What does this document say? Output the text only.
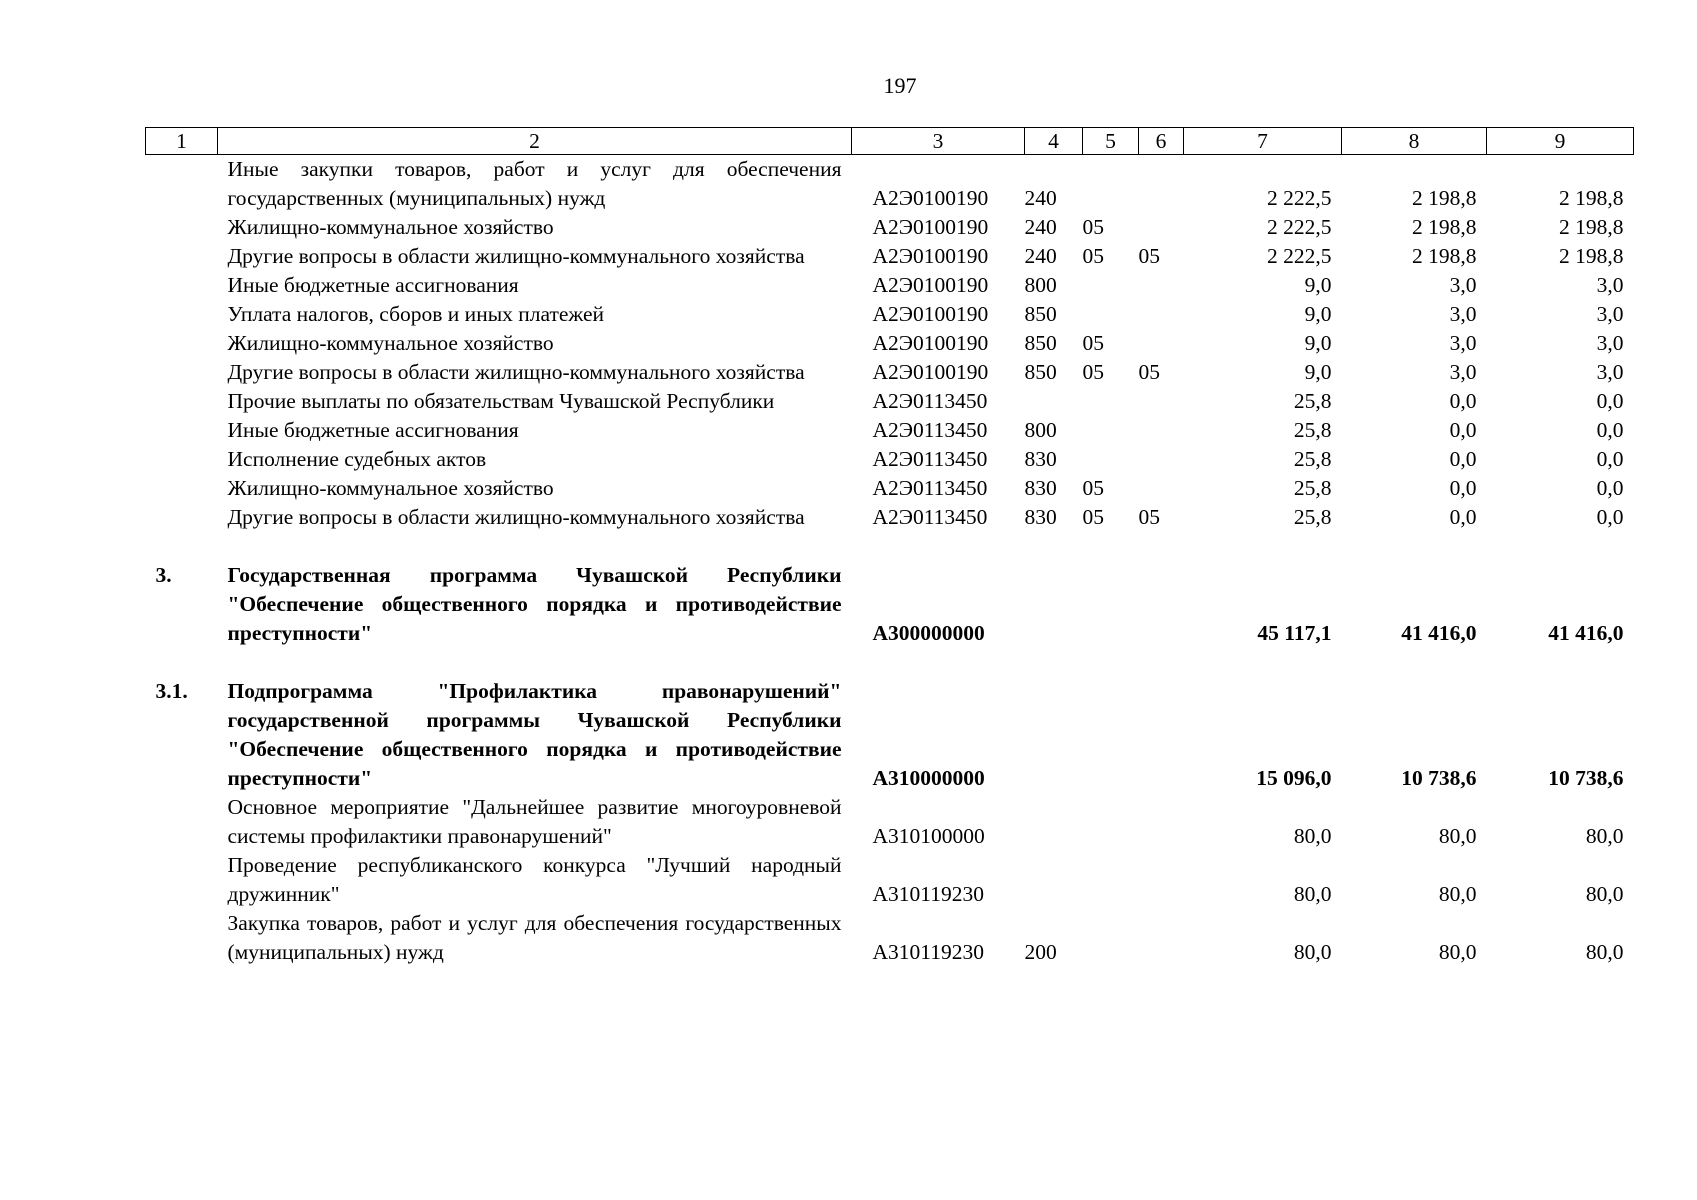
197
1	2	3	4	5	6	7	8	9
	Иные закупки товаров, работ и услуг для обеспечения государственных (муниципальных) нужд	А2Э0100190	240			2 222,5	2 198,8	2 198,8
	Жилищно-коммунальное хозяйство	А2Э0100190	240	05		2 222,5	2 198,8	2 198,8
	Другие вопросы в области жилищно-коммунального хозяйства	А2Э0100190	240	05	05	2 222,5	2 198,8	2 198,8
	Иные бюджетные ассигнования	А2Э0100190	800			9,0	3,0	3,0
	Уплата налогов, сборов и иных платежей	А2Э0100190	850			9,0	3,0	3,0
	Жилищно-коммунальное хозяйство	А2Э0100190	850	05		9,0	3,0	3,0
	Другие вопросы в области жилищно-коммунального хозяйства	А2Э0100190	850	05	05	9,0	3,0	3,0
	Прочие выплаты по обязательствам Чувашской Республики	А2Э0113450				25,8	0,0	0,0
	Иные бюджетные ассигнования	А2Э0113450	800			25,8	0,0	0,0
	Исполнение судебных актов	А2Э0113450	830			25,8	0,0	0,0
	Жилищно-коммунальное хозяйство	А2Э0113450	830	05		25,8	0,0	0,0
	Другие вопросы в области жилищно-коммунального хозяйства	А2Э0113450	830	05	05	25,8	0,0	0,0

3.	Государственная программа Чувашской Республики "Обеспечение общественного порядка и противодействие преступности"	А300000000				45 117,1	41 416,0	41 416,0

3.1.	Подпрограмма "Профилактика правонарушений" государственной программы Чувашской Республики "Обеспечение общественного порядка и противодействие преступности"	А310000000				15 096,0	10 738,6	10 738,6
	Основное мероприятие "Дальнейшее развитие многоуровневой системы профилактики правонарушений"	А310100000				80,0	80,0	80,0
	Проведение республиканского конкурса "Лучший народный дружинник"	А310119230				80,0	80,0	80,0
	Закупка товаров, работ и услуг для обеспечения государственных (муниципальных) нужд	А310119230	200			80,0	80,0	80,0
